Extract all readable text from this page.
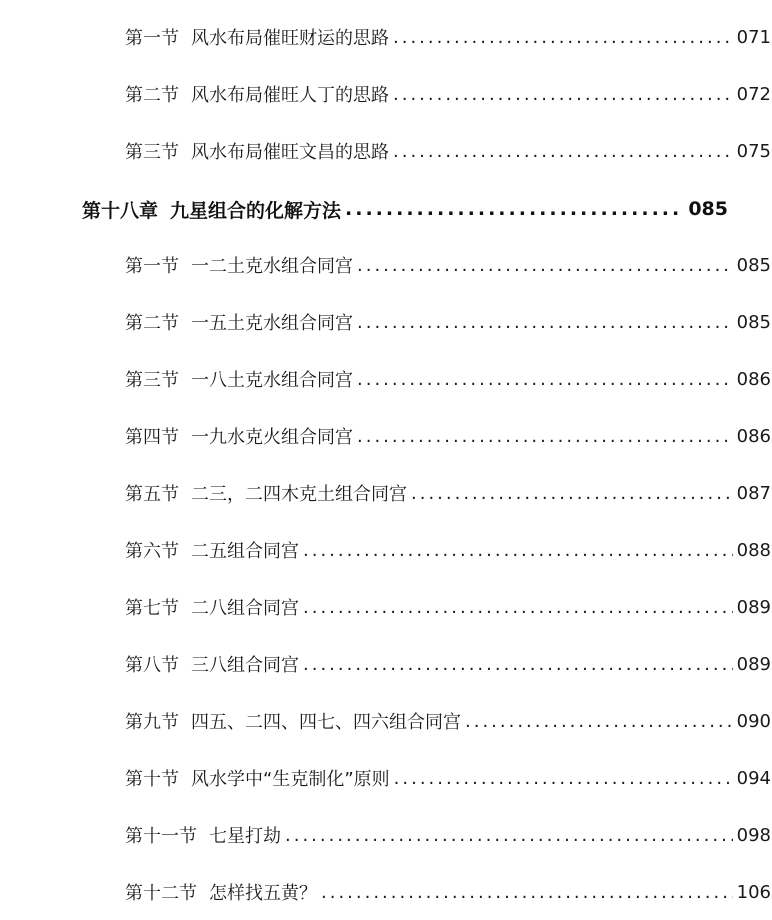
第一节 风水布局催旺财运的思路 .....	071
第二节 风水布局催旺人丁的思路 .....	072
第三节 风水布局催旺文昌的思路 .....	075
第十八章 九星组合的化解方法 .....	085
第一节 一二土克水组合同宫 .....	085
第二节 一五土克水组合同宫 .....	085
第三节 一八土克水组合同宫 .....	086
第四节 一九水克火组合同宫 .....	086
第五节 二三，二四木克土组合同宫 .....	087
第六节 二五组合同宫 .....	088
第七节 二八组合同宫 .....	089
第八节 三八组合同宫 .....	089
第九节 四五、二四、四七、四六组合同宫 .....	090
第十节 风水学中“生克制化”原则 .....	094
第十一节 七星打劫 .....	098
第十二节 怎样找五黄？ .....	106
